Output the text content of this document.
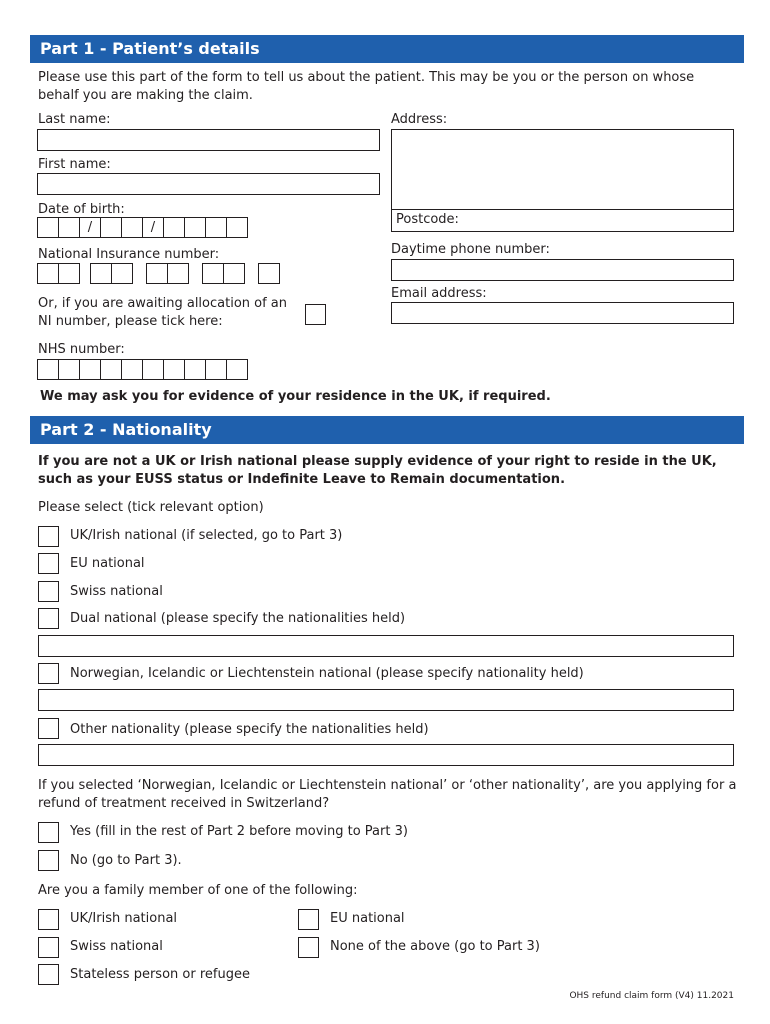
Part 1 - Patient’s details
Please use this part of the form to tell us about the patient. This may be you or the person on whose behalf you are making the claim.
Last name:
First name:
Date of birth:
/	/
National Insurance number:
Or, if you are awaiting allocation of an NI number, please tick here:
NHS number:
Address:
Postcode:
Daytime phone number:
Email address:
We may ask you for evidence of your residence in the UK, if required.
Part 2 - Nationality
If you are not a UK or Irish national please supply evidence of your right to reside in the UK, such as your EUSS status or Indefinite Leave to Remain documentation.
Please select (tick relevant option)
UK/Irish national (if selected, go to Part 3)
EU national
Swiss national
Dual national (please specify the nationalities held)
Norwegian, Icelandic or Liechtenstein national (please specify nationality held)
Other nationality (please specify the nationalities held)
If you selected ‘Norwegian, Icelandic or Liechtenstein national’ or ‘other nationality’, are you applying for a refund of treatment received in Switzerland?
Yes (fill in the rest of Part 2 before moving to Part 3)
No (go to Part 3).
Are you a family member of one of the following:
UK/Irish national	EU national
Swiss national	None of the above (go to Part 3)
Stateless person or refugee
OHS refund claim form (V4) 11.2021
